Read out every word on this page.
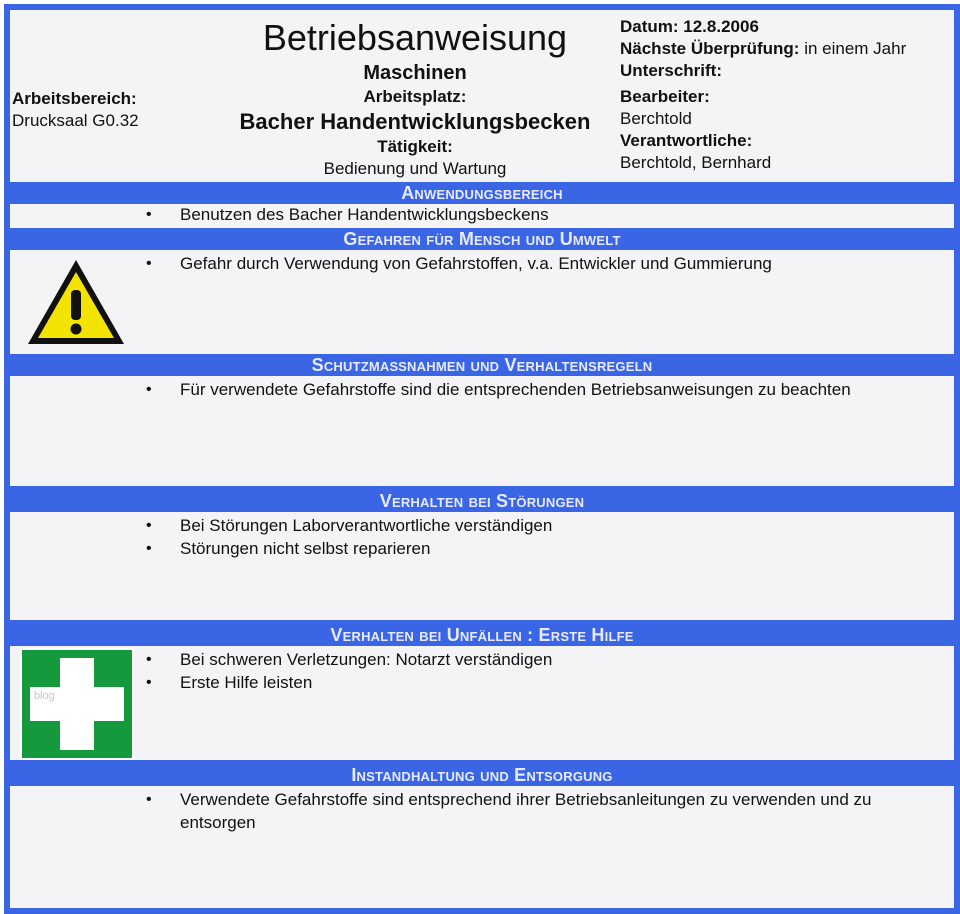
Arbeitsbereich:
Drucksaal G0.32
Betriebsanweisung
Maschinen
Arbeitsplatz:
Bacher Handentwicklungsbecken
Tätigkeit:
Bedienung und Wartung
Datum: 12.8.2006
Nächste Überprüfung: in einem Jahr
Unterschrift:
Bearbeiter:
Berchtold
Verantwortliche:
Berchtold, Bernhard
Anwendungsbereich
• Benutzen des Bacher Handentwicklungsbeckens
Gefahren für Mensch und Umwelt
• Gefahr durch Verwendung von Gefahrstoffen, v.a. Entwickler und Gummierung
Schutzmaßnahmen und Verhaltensregeln
• Für verwendete Gefahrstoffe sind die entsprechenden Betriebsanweisungen zu beachten
Verhalten bei Störungen
• Bei Störungen Laborverantwortliche verständigen
• Störungen nicht selbst reparieren
Verhalten bei Unfällen : Erste Hilfe
• Bei schweren Verletzungen: Notarzt verständigen
• Erste Hilfe leisten
Instandhaltung und Entsorgung
• Verwendete Gefahrstoffe sind entsprechend ihrer Betriebsanleitungen zu verwenden und zu entsorgen
blog
